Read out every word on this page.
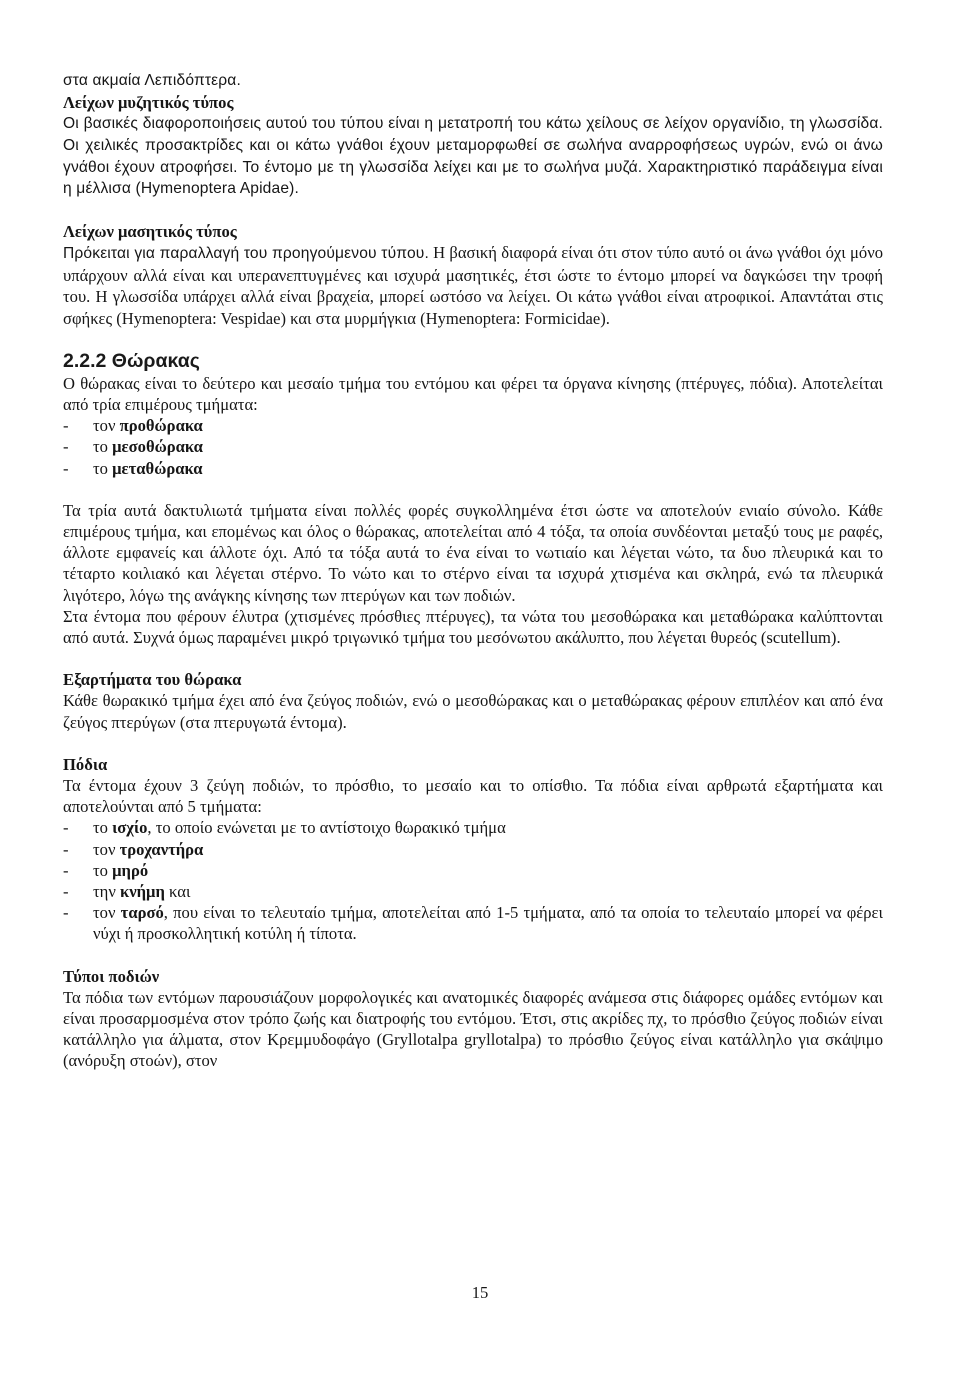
στα ακμαία Λεπιδόπτερα.

Λείχων μυζητικός τύπος

Οι βασικές διαφοροποιήσεις αυτού του τύπου είναι η μετατροπή του κάτω χείλους σε λείχον οργανίδιο, τη γλωσσίδα. Οι χειλικές προσακτρίδες και οι κάτω γνάθοι έχουν μεταμορφωθεί σε σωλήνα αναρροφήσεως υγρών, ενώ οι άνω γνάθοι έχουν ατροφήσει. Το έντομο με τη γλωσσίδα λείχει και με το σωλήνα μυζά. Χαρακτηριστικό παράδειγμα είναι η μέλλισα (Hymenoptera Apidae).

Λείχων μασητικός τύπος

Πρόκειται για παραλλαγή του προηγούμενου τύπου. Η βασική διαφορά είναι ότι στον τύπο αυτό οι άνω γνάθοι όχι μόνο υπάρχουν αλλά είναι και υπερανεπτυγμένες και ισχυρά μασητικές, έτσι ώστε το έντομο μπορεί να δαγκώσει την τροφή του. Η γλωσσίδα υπάρχει αλλά είναι βραχεία, μπορεί ωστόσο να λείχει. Οι κάτω γνάθοι είναι ατροφικοί. Απαντάται στις σφήκες (Hymenoptera: Vespidae) και στα μυρμήγκια (Hymenoptera: Formicidae).

2.2.2 Θώρακας

Ο θώρακας είναι το δεύτερο και μεσαίο τμήμα του εντόμου και φέρει τα όργανα κίνησης (πτέρυγες, πόδια). Αποτελείται από τρία επιμέρους τμήματα:

-	τον προθώρακα
-	το μεσοθώρακα
-	το μεταθώρακα

Τα τρία αυτά δακτυλιωτά τμήματα είναι πολλές φορές συγκολλημένα έτσι ώστε να αποτελούν ενιαίο σύνολο. Κάθε επιμέρους τμήμα, και επομένως και όλος ο θώρακας, αποτελείται από 4 τόξα, τα οποία συνδέονται μεταξύ τους με ραφές, άλλοτε εμφανείς και άλλοτε όχι. Από τα τόξα αυτά το ένα είναι το νωτιαίο και λέγεται νώτο, τα δυο πλευρικά και το τέταρτο κοιλιακό και λέγεται στέρνο. Το νώτο και το στέρνο είναι τα ισχυρά χτισμένα και σκληρά, ενώ τα πλευρικά λιγότερο, λόγω της ανάγκης κίνησης των πτερύγων και των ποδιών.

Στα έντομα που φέρουν έλυτρα (χτισμένες πρόσθιες πτέρυγες), τα νώτα του μεσοθώρακα και μεταθώρακα καλύπτονται από αυτά. Συχνά όμως παραμένει μικρό τριγωνικό τμήμα του μεσόνωτου ακάλυπτο, που λέγεται θυρεός (scutellum).

Εξαρτήματα του θώρακα

Κάθε θωρακικό τμήμα έχει από ένα ζεύγος ποδιών, ενώ ο μεσοθώρακας και ο μεταθώρακας φέρουν επιπλέον και από ένα ζεύγος πτερύγων (στα πτερυγωτά έντομα).

Πόδια

Τα έντομα έχουν 3 ζεύγη ποδιών, το πρόσθιο, το μεσαίο και το οπίσθιο. Τα πόδια είναι αρθρωτά εξαρτήματα και αποτελούνται από 5 τμήματα:

-	το ισχίο, το οποίο ενώνεται με το αντίστοιχο θωρακικό τμήμα
-	τον τροχαντήρα
-	το μηρό
-	την κνήμη και
-	τον ταρσό, που είναι το τελευταίο τμήμα, αποτελείται από 1-5 τμήματα, από τα οποία το τελευταίο μπορεί να φέρει νύχι ή προσκολλητική κοτύλη ή τίποτα.
Τύποι ποδιών

Τα πόδια των εντόμων παρουσιάζουν μορφολογικές και ανατομικές διαφορές ανάμεσα στις διάφορες ομάδες εντόμων και είναι προσαρμοσμένα στον τρόπο ζωής και διατροφής του εντόμου. Έτσι, στις ακρίδες πχ, το πρόσθιο ζεύγος ποδιών είναι κατάλληλο για άλματα, στον Κρεμμυδοφάγο (Gryllotalpa gryllotalpa) το πρόσθιο ζεύγος είναι κατάλληλο για σκάψιμο (ανόρυξη στοών), στον

15
